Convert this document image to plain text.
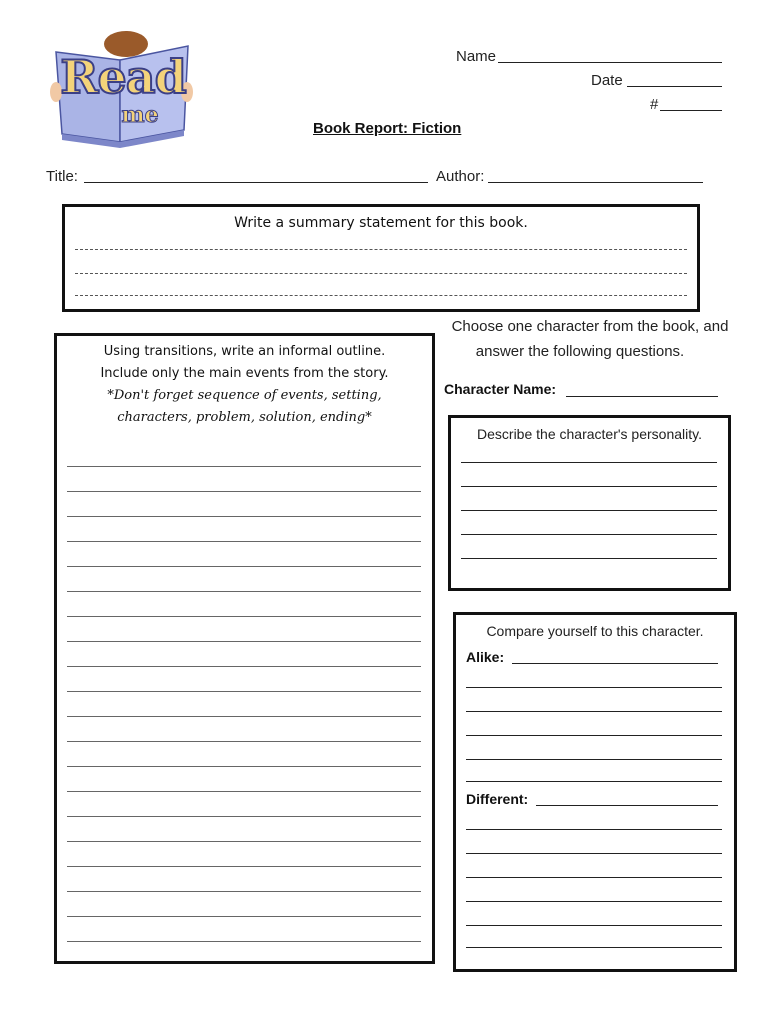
Read
me
Name
Date
#
Book Report: Fiction
Title:	Author:
Write a summary statement for this book.
Using transitions, write an informal outline.
Include only the main events from the story.
*Don't forget sequence of events, setting,
characters, problem, solution, ending*
Choose one character from the book, and
answer the following questions.
Character Name:
Describe the character's personality.
Compare yourself to this character.
Alike:
Different:
